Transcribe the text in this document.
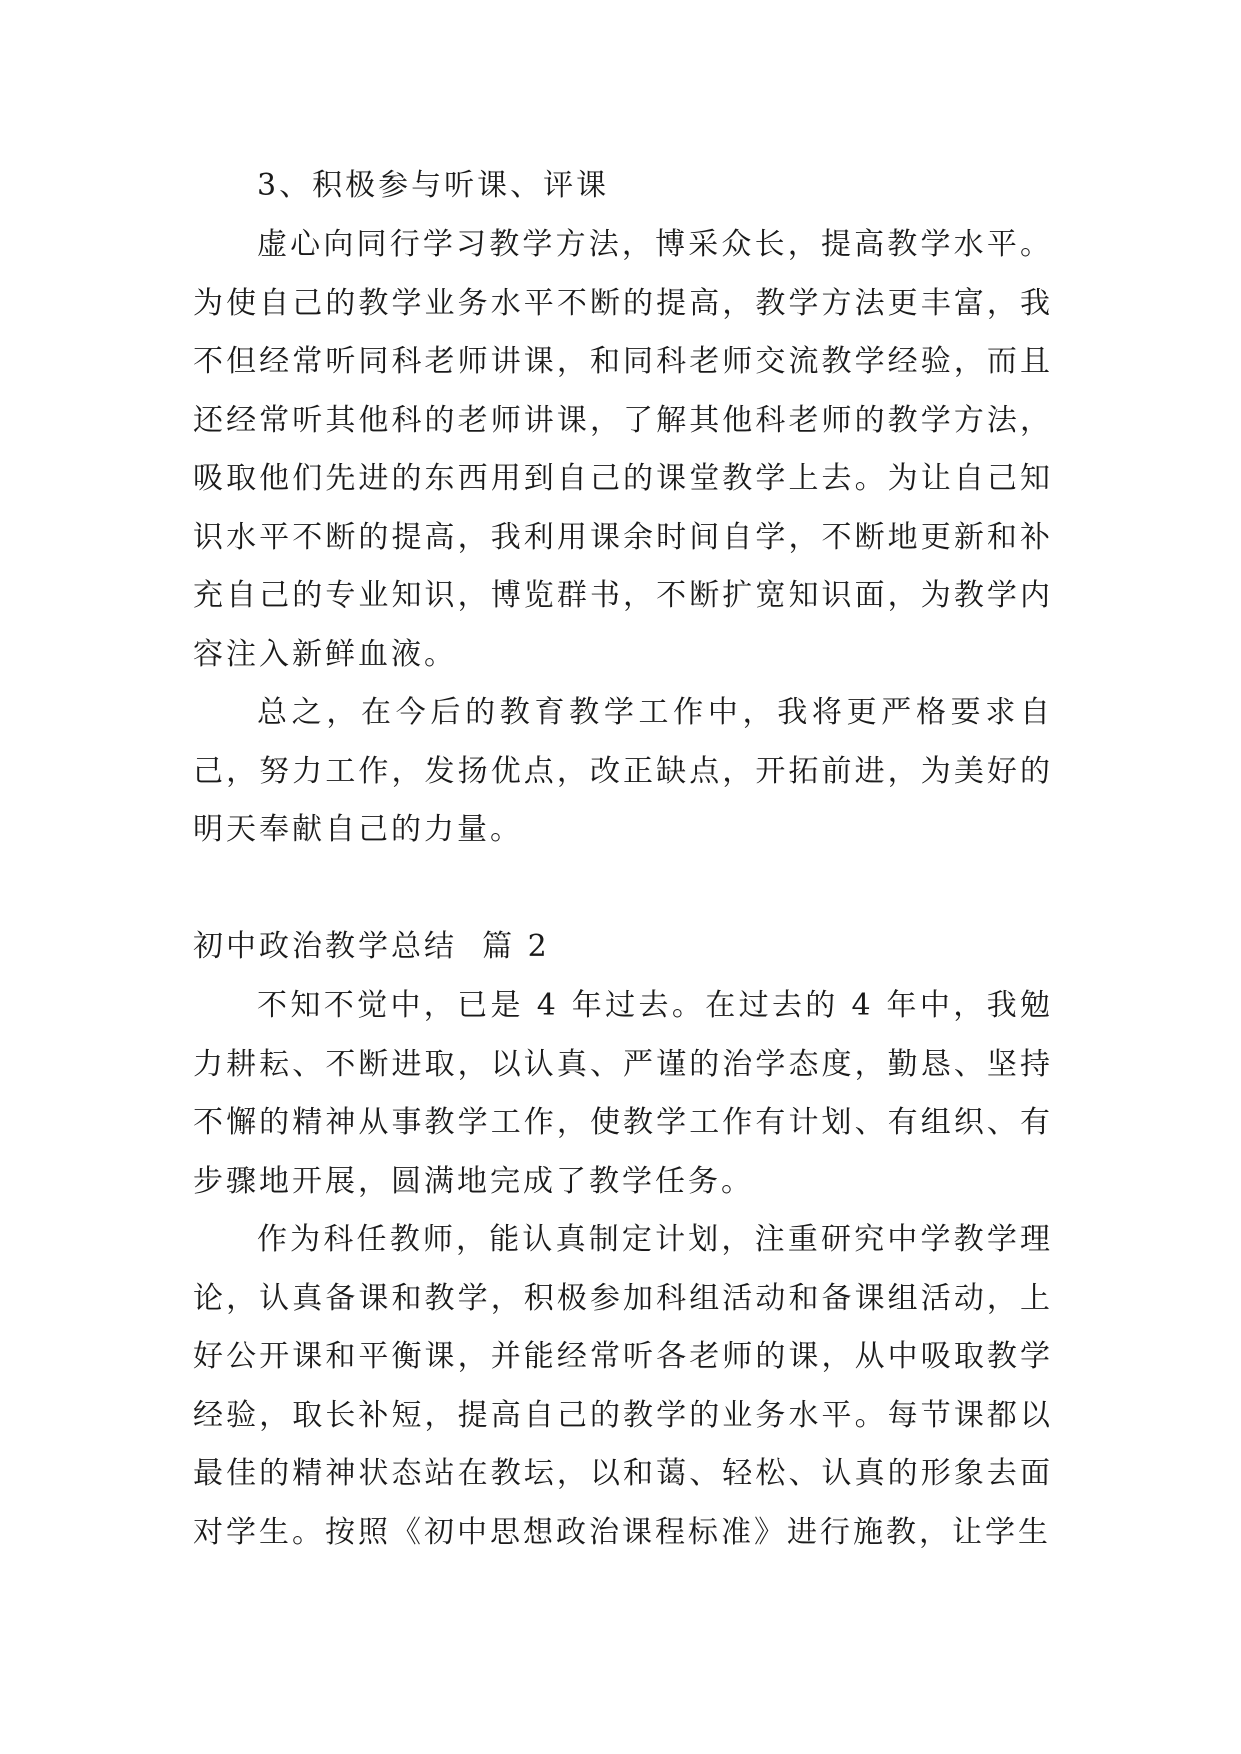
3、积极参与听课、评课
虚心向同行学习教学方法，博采众长，提高教学水平。为使自己的教学业务水平不断的提高，教学方法更丰富，我不但经常听同科老师讲课，和同科老师交流教学经验，而且还经常听其他科的老师讲课，了解其他科老师的教学方法，吸取他们先进的东西用到自己的课堂教学上去。为让自己知识水平不断的提高，我利用课余时间自学，不断地更新和补充自己的专业知识，博览群书，不断扩宽知识面，为教学内容注入新鲜血液。
总之，在今后的教育教学工作中，我将更严格要求自己，努力工作，发扬优点，改正缺点，开拓前进，为美好的明天奉献自己的力量。
初中政治教学总结  篇 2
不知不觉中，已是 4 年过去。在过去的 4 年中，我勉力耕耘、不断进取，以认真、严谨的治学态度，勤恳、坚持不懈的精神从事教学工作，使教学工作有计划、有组织、有步骤地开展，圆满地完成了教学任务。
作为科任教师，能认真制定计划，注重研究中学教学理论，认真备课和教学，积极参加科组活动和备课组活动，上好公开课和平衡课，并能经常听各老师的课，从中吸取教学经验，取长补短，提高自己的教学的业务水平。每节课都以最佳的精神状态站在教坛，以和蔼、轻松、认真的形象去面对学生。按照《初中思想政治课程标准》进行施教，让学生
